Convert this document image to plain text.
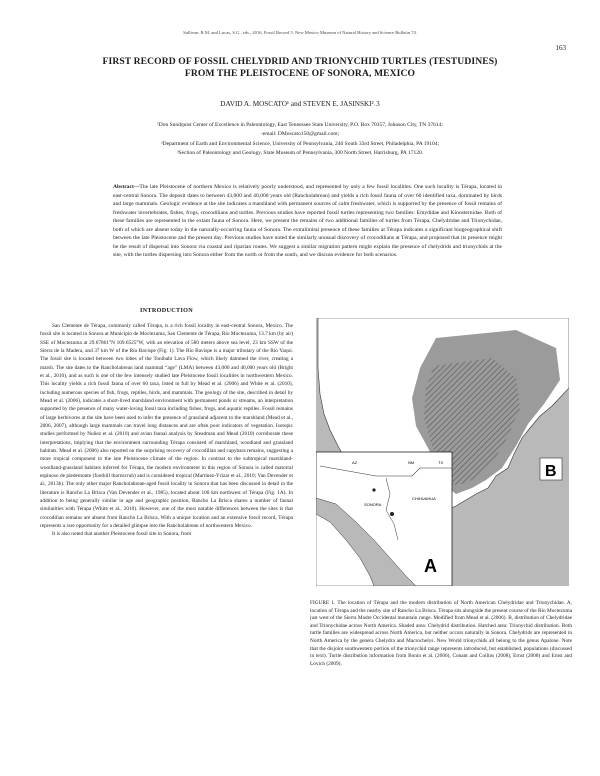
Sullivan, R.M. and Lucas, S.G., eds., 2016, Fossil Record 5. New Mexico Museum of Natural History and Science Bulletin 74.
163
FIRST RECORD OF FOSSIL CHELYDRID AND TRIONYCHID TURTLES (TESTUDINES)
FROM THE PLEISTOCENE OF SONORA, MEXICO
DAVID A. MOSCATO¹ and STEVEN E. JASINSKI²˒3
¹Don Sundquist Center of Excellence in Paleontology, East Tennessee State University, P.O. Box 70357, Johnson City, TN 37614;
-email: DMoscato150@gmail.com;
²Department of Earth and Environmental Science, University of Pennsylvania, 240 South 33rd Street, Philadelphia, PA 19104;
³Section of Paleontology and Geology, State Museum of Pennsylvania, 300 North Street, Harrisburg, PA 17120.
Abstract—The late Pleistocene of northern Mexico is relatively poorly understood, and represented by only a few fossil localities. One such locality is Térapa, located in east-central Sonora. The deposit dates to between 43,000 and 40,000 years old (Rancholabrean) and yields a rich fossil fauna of over 60 identified taxa, dominated by birds and large mammals. Geologic evidence at the site indicates a marshland with permanent sources of calm freshwater, which is supported by the presence of fossil remains of freshwater invertebrates, fishes, frogs, crocodilians and turtles. Previous studies have reported fossil turtles representing two families: Emydidae and Kinosternidae. Both of these families are represented in the extant fauna of Sonora. Here, we present the remains of two additional families of turtles from Térapa, Chelydridae and Trionychidae, both of which are absent today in the naturally-occurring fauna of Sonora. The extralimital presence of these families at Térapa indicates a significant biogeographical shift between the late Pleistocene and the present day. Previous studies have noted the similarly unusual discovery of crocodilians at Térapa, and proposed that its presence might be the result of dispersal into Sonora via coastal and riparian routes. We suggest a similar migration pattern might explain the presence of chelydrids and trionychids at the site, with the turtles dispersing into Sonora either from the north or from the south, and we discuss evidence for both scenarios.
INTRODUCTION

San Clemente de Térapa, commonly called Térapa, is a rich fossil locality in east-central Sonora, Mexico. The fossil site is located in Sonora at Municipio de Moctezuma, San Clemente de Térapa, Río Moctezuma, 13.7 km (by air) SSE of Moctezuma at 29.67861°N 109.6525°W, with an elevation of 580 meters above sea level, 23 km SSW of the Sierra de la Madera, and 37 km W of the Río Bavispe (Fig. 1). The Río Bavispe is a major tributary of the Río Yaqui. The fossil site is located between two lobes of the Tonibabi Lava Flow, which likely dammed the river, creating a marsh. The site dates to the Rancholabrean land mammal “age” (LMA) between 43,000 and 40,000 years old (Bright et al., 2010), and as such is one of the few intensely studied late Pleistocene fossil localities in northwestern Mexico. This locality yields a rich fossil fauna of over 60 taxa, listed in full by Mead et al. (2006) and White et al. (2010), including numerous species of fish, frogs, reptiles, birds, and mammals. The geology of the site, described in detail by Mead et al. (2006), indicates a short-lived marshland environment with permanent ponds or streams, an interpretation supported by the presence of many water-loving fossil taxa including fishes, frogs, and aquatic reptiles. Fossil remains of large herbivores at the site have been used to infer the presence of grassland adjacent to the marshland (Mead et al., 2006, 2007), although large mammals can travel long distances and are often poor indicators of vegetation. Isotopic studies performed by Nuñez et al. (2010) and avian faunal analysis by Steadman and Mead (2010) corroborate these interpretations, implying that the environment surrounding Térapa consisted of marshland, woodland and grassland habitats. Mead et al. (2006) also reported on the surprising recovery of crocodilian and capybara remains, suggesting a more tropical component to the late Pleistocene climate of the region. In contrast to the subtropical marshland-woodland-grassland habitats inferred for Térapa, the modern environment in this region of Sonora is called matorral espinoso de piedemonte (foothill thornscrub) and is considered tropical (Martínez-Yrízar et al., 2010; Van Devender et al., 2013b). The only other major Rancholabrean-aged fossil locality in Sonora that has been discussed in detail in the literature is Rancho La Brisca (Van Devender et al., 1985), located about 100 km northwest of Térapa (Fig. 1A). In addition to being generally similar in age and geographic position, Rancho La Brisca shares a number of faunal similarities with Térapa (White et al., 2010). However, one of the most notable differences between the sites is that crocodilian remains are absent from Rancho La Brisca. With a unique location and an extensive fossil record, Térapa represents a rare opportunity for a detailed glimpse into the Rancholabrean of northwestern Mexico.

It is also noted that another Pleistocene fossil site in Sonora, from

B
AZ	NM	TX
SONORA
CHIHUAHUA
A
FIGURE 1. The location of Térapa and the modern distribution of North American Chelydridae and Trionychidae. A, location of Térapa and the nearby site of Rancho La Brisca. Térapa sits alongside the present course of the Río Moctezuma just west of the Sierra Madre Occidental mountain range. Modified from Mead et al. (2006). B, distribution of Chelydridae and Trionychidae across North America. Shaded area: Chelydrid distribution. Hatched area: Trionychid distribution. Both turtle families are widespread across North America, but neither occurs naturally in Sonora. Chelydrids are represented in North America by the genera Chelydra and Macrochelys. New World trionychids all belong to the genus Apalone. Note that the disjoint southwestern portion of the trionychid range represents introduced, but established, populations (discussed in text). Turtle distribution information from Bonin et al. (2006), Conant and Collins (2008), Ernst (2008) and Ernst and Lovich (2009).
